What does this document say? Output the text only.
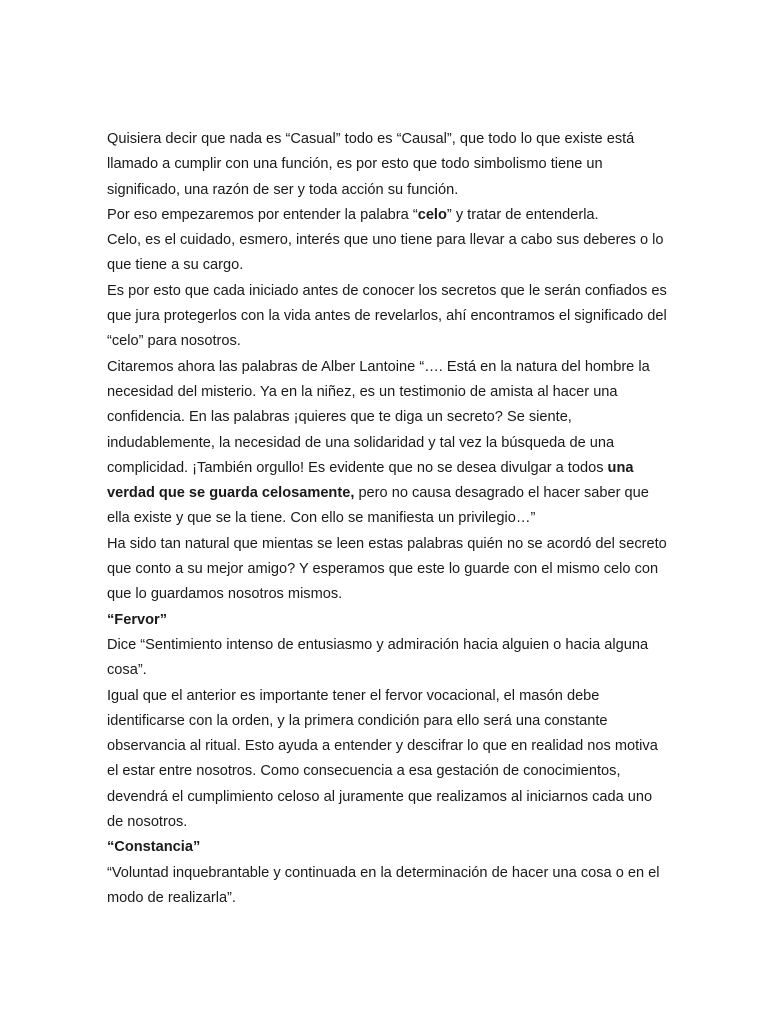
Quisiera decir que nada es “Casual” todo es “Causal”, que todo lo que existe está llamado a cumplir con una función, es por esto que todo simbolismo tiene un significado, una razón de ser y toda acción su función.

Por eso empezaremos por entender la palabra “celo” y tratar de entenderla.

Celo, es el cuidado, esmero, interés que uno tiene para llevar a cabo sus deberes o lo que tiene a su cargo.

Es por esto que cada iniciado antes de conocer los secretos que le serán confiados es que jura protegerlos con la vida antes de revelarlos, ahí encontramos el significado del “celo” para nosotros.

Citaremos ahora las palabras de Alber Lantoine “…. Está en la natura del hombre la necesidad del misterio. Ya en la niñez, es un testimonio de amista al hacer una confidencia. En las palabras ¡quieres que te diga un secreto? Se siente, indudablemente, la necesidad de una solidaridad y tal vez la búsqueda de una complicidad. ¡También orgullo! Es evidente que no se desea divulgar a todos una verdad que se guarda celosamente, pero no causa desagrado el hacer saber que ella existe y que se la tiene. Con ello se manifiesta un privilegio…”

Ha sido tan natural que mientas se leen estas palabras quién no se acordó del secreto que conto a su mejor amigo? Y esperamos que este lo guarde con el mismo celo con que lo guardamos nosotros mismos.

“Fervor”

Dice “Sentimiento intenso de entusiasmo y admiración hacia alguien o hacia alguna cosa”.

Igual que el anterior es importante tener el fervor vocacional, el masón debe identificarse con la orden, y la primera condición para ello será una constante observancia al ritual. Esto ayuda a entender y descifrar lo que en realidad nos motiva el estar entre nosotros. Como consecuencia a esa gestación de conocimientos, devendrá el cumplimiento celoso al juramente que realizamos al iniciarnos cada uno de nosotros.

“Constancia”

“Voluntad inquebrantable y continuada en la determinación de hacer una cosa o en el modo de realizarla”.
